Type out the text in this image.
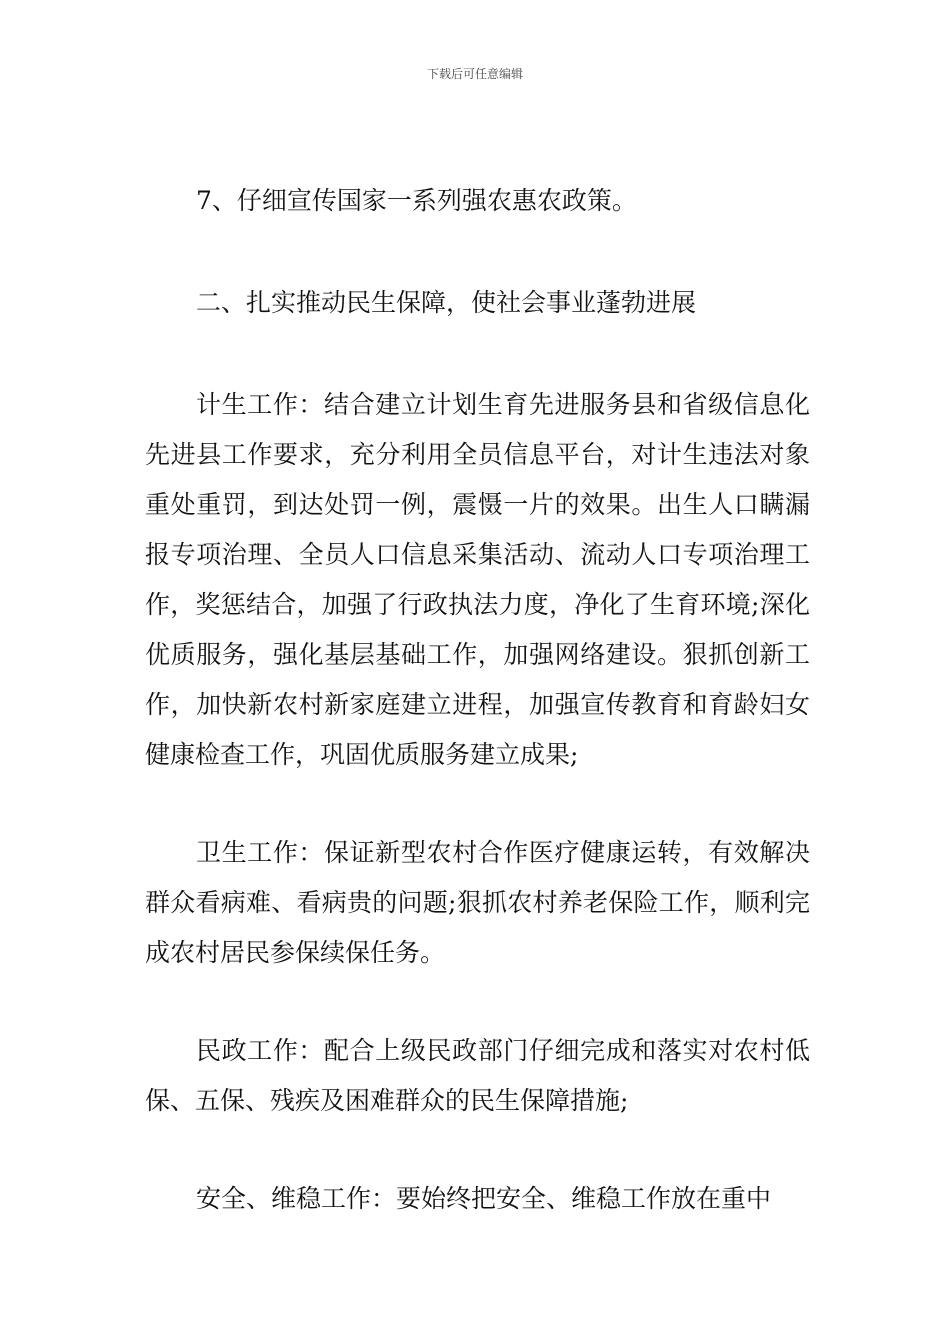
下载后可任意编辑

7、仔细宣传国家一系列强农惠农政策。

二、扎实推动民生保障，使社会事业蓬勃进展

计生工作：结合建立计划生育先进服务县和省级信息化先进县工作要求，充分利用全员信息平台，对计生违法对象重处重罚，到达处罚一例，震慑一片的效果。出生人口瞒漏报专项治理、全员人口信息采集活动、流动人口专项治理工作，奖惩结合，加强了行政执法力度，净化了生育环境;深化优质服务，强化基层基础工作，加强网络建设。狠抓创新工作，加快新农村新家庭建立进程，加强宣传教育和育龄妇女健康检查工作，巩固优质服务建立成果;

卫生工作：保证新型农村合作医疗健康运转，有效解决群众看病难、看病贵的问题;狠抓农村养老保险工作，顺利完成农村居民参保续保任务。

民政工作：配合上级民政部门仔细完成和落实对农村低保、五保、残疾及困难群众的民生保障措施;

安全、维稳工作：要始终把安全、维稳工作放在重中
